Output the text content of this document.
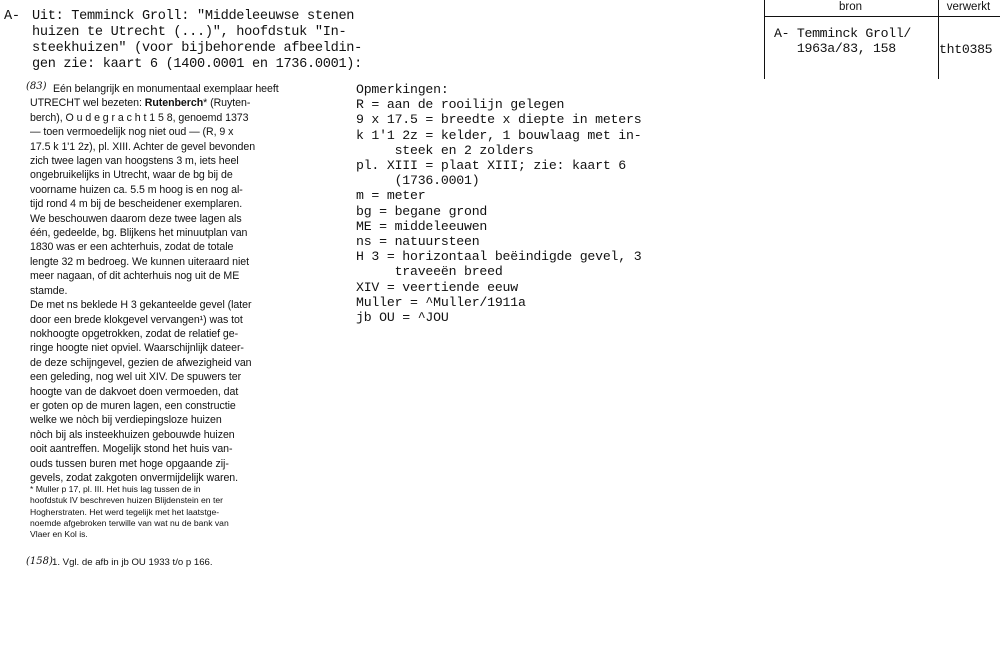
A- Uit: Temminck Groll: "Middeleeuwse stenen
huizen te Utrecht (...)", hoofdstuk "In-
steekhuizen" (voor bijbehorende afbeeldin-
gen zie: kaart 6 (1400.0001 en 1736.0001):
(83) Eén belangrijk en monumentaal exemplaar heeft
UTRECHT wel bezeten: Rutenberch* (Ruyten-
berch), O u d e g r a c h t 1 5 8, genoemd 1373
— toen vermoedelijk nog niet oud — (R, 9 x
17.5 k 1'1 2z), pl. XIII. Achter de gevel bevonden
zich twee lagen van hoogstens 3 m, iets heel
ongebruikelijks in Utrecht, waar de bg bij de
voorname huizen ca. 5.5 m hoog is en nog al-
tijd rond 4 m bij de bescheidener exemplaren.
We beschouwen daarom deze twee lagen als
één, gedeelde, bg. Blijkens het minuutplan van
1830 was er een achterhuis, zodat de totale
lengte 32 m bedroeg. We kunnen uiteraard niet
meer nagaan, of dit achterhuis nog uit de ME
stamde.
De met ns beklede H 3 gekanteelde gevel (later
door een brede klokgevel vervangen¹) was tot
nokhoogte opgetrokken, zodat de relatief ge-
ringe hoogte niet opviel. Waarschijnlijk dateer-
de deze schijngevel, gezien de afwezigheid van
een geleding, nog wel uit XIV. De spuwers ter
hoogte van de dakvoet doen vermoeden, dat
er goten op de muren lagen, een constructie
welke we nòch bij verdiepingsloze huizen
nòch bij als insteekhuizen gebouwde huizen
ooit aantreffen. Mogelijk stond het huis van-
ouds tussen buren met hoge opgaande zij-
gevels, zodat zakgoten onvermijdelijk waren.
* Muller p 17, pl. III. Het huis lag tussen de in
hoofdstuk IV beschreven huizen Blijdenstein en ter
Hogherstraten. Het werd tegelijk met het laatstge-
noemde afgebroken terwille van wat nu de bank van
Vlaer en Kol is.
(158) 1. Vgl. de afb in jb OU 1933 t/o p 166.
Opmerkingen:
R = aan de rooilijn gelegen
9 x 17.5 = breedte x diepte in meters
k 1'1 2z = kelder, 1 bouwlaag met in-
steek en 2 zolders
pl. XIII = plaat XIII; zie: kaart 6
(1736.0001)
m = meter
bg = begane grond
ME = middeleeuwen
ns = natuursteen
H 3 = horizontaal beëindigde gevel, 3
traveeën breed
XIV = veertiende eeuw
Muller = ^Muller/1911a
jb OU = ^JOU
bron	verwerkt
A- Temminck Groll/
1963a/83, 158	tht0385
